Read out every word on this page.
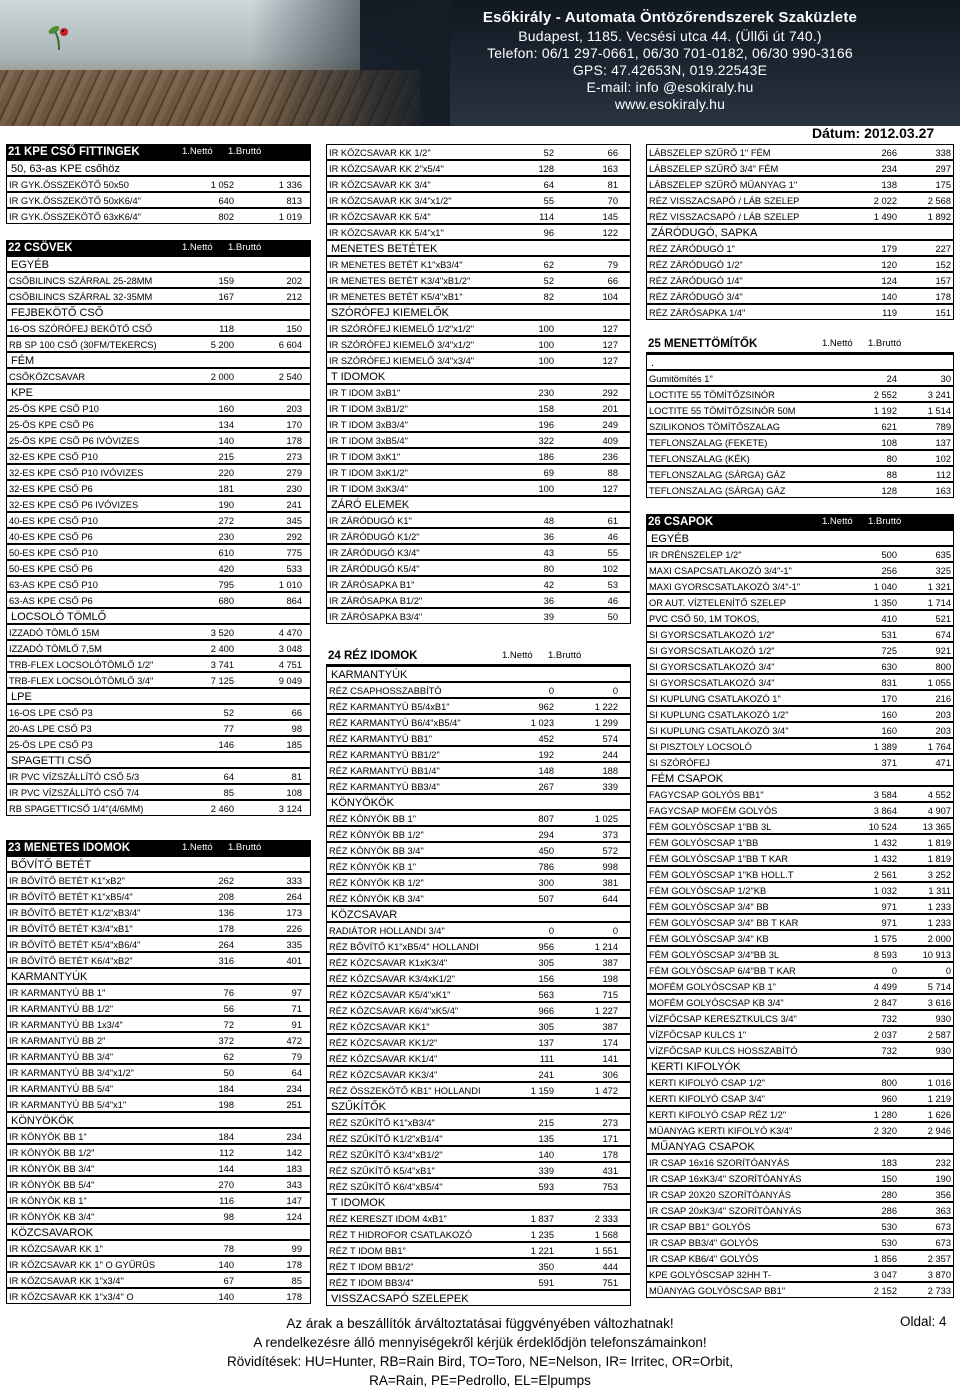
Esőkirály - Automata Öntözőrendszerek Szaküzlete
Budapest, 1185. Vecsési utca 44. (Üllői út 740.)
Telefon: 06/1 297-0661, 06/30 701-0182, 06/30 990-3166
GPS: 47.42653N, 019.22543E
E-mail: info @esokiraly.hu
www.esokiraly.hu
Dátum: 2012.03.27
21 KPE CSŐ FITTINGEK	1.Nettó 1.Bruttó
50, 63-as KPE csőhöz
IR GYK.ÖSSZEKÖTŐ 50x50	1 052	1 336
IR GYK.ÖSSZEKÖTŐ 50xK6/4"	640	813
IR GYK.ÖSSZEKÖTŐ 63xK6/4"	802	1 019
22 CSÖVEK	1.Nettó 1.Bruttó
EGYÉB
CSŐBILINCS SZÁRRAL 25-28MM	159	202
CSŐBILINCS SZÁRRAL 32-35MM	167	212
FEJBEKÖTŐ CSŐ
16-OS SZÓRÓFEJ BEKÖTŐ CSŐ	118	150
RB SP 100 CSŐ (30FM/TEKERCS)	5 200	6 604
FÉM
CSŐKÖZCSAVAR	2 000	2 540
KPE
25-ÖS KPE CSŐ P10	160	203
25-ÖS KPE CSŐ P6	134	170
25-ÖS KPE CSŐ P6 IVÓVIZES	140	178
32-ES KPE CSŐ P10	215	273
32-ES KPE CSŐ P10 IVÓVIZES	220	279
32-ES KPE CSŐ P6	181	230
32-ES KPE CSŐ P6 IVÓVIZES	190	241
40-ES KPE CSŐ P10	272	345
40-ES KPE CSŐ P6	230	292
50-ES KPE CSŐ P10	610	775
50-ES KPE CSŐ P6	420	533
63-AS KPE CSŐ P10	795	1 010
63-AS KPE CSŐ P6	680	864
LOCSOLÓ TÖMLŐ
IZZADÓ TÖMLŐ 15M	3 520	4 470
IZZADÓ TÖMLŐ 7,5M	2 400	3 048
TRB-FLEX LOCSOLÓTÖMLŐ 1/2"	3 741	4 751
TRB-FLEX LOCSOLÓTÖMLŐ 3/4"	7 125	9 049
LPE
16-OS LPE CSŐ P3	52	66
20-AS LPE CSŐ P3	77	98
25-ÖS LPE CSŐ P3	146	185
SPAGETTI CSŐ
IR PVC VÍZSZÁLLÍTÓ CSŐ 5/3	64	81
IR PVC VÍZSZÁLLÍTÓ CSŐ 7/4	85	108
RB SPAGETTICSŐ 1/4"(4/6MM)	2 460	3 124
23 MENETES IDOMOK	1.Nettó 1.Bruttó
BŐVÍTŐ BETÉT
IR BŐVÍTŐ BETÉT K1"xB2"	262	333
IR BŐVÍTŐ BETÉT K1"xB5/4"	208	264
IR BŐVÍTŐ BETÉT K1/2"xB3/4"	136	173
IR BŐVÍTŐ BETÉT K3/4"xB1"	178	226
IR BŐVÍTŐ BETÉT K5/4"xB6/4"	264	335
IR BŐVÍTŐ BETÉT K6/4"xB2"	316	401
KARMANTYÚK
IR KARMANTYÚ BB 1"	76	97
IR KARMANTYÚ BB 1/2"	56	71
IR KARMANTYÚ BB 1x3/4"	72	91
IR KARMANTYÚ BB 2"	372	472
IR KARMANTYÚ BB 3/4"	62	79
IR KARMANTYÚ BB 3/4"x1/2"	50	64
IR KARMANTYÚ BB 5/4"	184	234
IR KARMANTYÚ BB 5/4"x1"	198	251
KÖNYÖKÖK
IR KÖNYÖK BB 1"	184	234
IR KÖNYÖK BB 1/2"	112	142
IR KÖNYÖK BB 3/4"	144	183
IR KÖNYÖK BB 5/4"	270	343
IR KÖNYÖK KB 1"	116	147
IR KÖNYÖK KB 3/4"	98	124
KÖZCSAVAROK
IR KÖZCSAVAR KK 1"	78	99
IR KÖZCSAVAR KK 1" O GYŰRŰS	140	178
IR KÖZCSAVAR KK 1"x3/4"	67	85
IR KÖZCSAVAR KK 1"x3/4" O	140	178
IR KÖZCSAVAR KK 1/2"	52	66
IR KÖZCSAVAR KK 2"x5/4"	128	163
IR KÖZCSAVAR KK 3/4"	64	81
IR KÖZCSAVAR KK 3/4"x1/2"	55	70
IR KÖZCSAVAR KK 5/4"	114	145
IR KÖZCSAVAR KK 5/4"x1"	96	122
MENETES BETÉTEK
IR MENETES BETÉT K1"xB3/4"	62	79
IR MENETES BETÉT K3/4"xB1/2"	52	66
IR MENETES BETÉT K5/4"xB1"	82	104
SZÓRÓFEJ KIEMELŐK
IR SZÓRÓFEJ KIEMELŐ 1/2"x1/2"	100	127
IR SZÓRÓFEJ KIEMELŐ 3/4"x1/2"	100	127
IR SZÓRÓFEJ KIEMELŐ 3/4"x3/4"	100	127
T IDOMOK
IR T IDOM 3xB1"	230	292
IR T IDOM 3xB1/2"	158	201
IR T IDOM 3xB3/4"	196	249
IR T IDOM 3xB5/4"	322	409
IR T IDOM 3xK1"	186	236
IR T IDOM 3xK1/2"	69	88
IR T IDOM 3xK3/4"	100	127
ZÁRÓ ELEMEK
IR ZÁRÓDUGÓ K1"	48	61
IR ZÁRÓDUGÓ K1/2"	36	46
IR ZÁRÓDUGÓ K3/4"	43	55
IR ZÁRÓDUGÓ K5/4"	80	102
IR ZÁRÓSAPKA B1"	42	53
IR ZÁRÓSAPKA B1/2"	36	46
IR ZÁRÓSAPKA B3/4"	39	50
24 RÉZ IDOMOK	1.Nettó 1.Bruttó
KARMANTYÚK
RÉZ CSAPHOSSZABBÍTÓ	0	0
RÉZ KARMANTYÚ B5/4xB1"	962	1 222
RÉZ KARMANTYÚ B6/4"xB5/4"	1 023	1 299
RÉZ KARMANTYÚ BB1"	452	574
RÉZ KARMANTYÚ BB1/2"	192	244
RÉZ KARMANTYÚ BB1/4"	148	188
RÉZ KARMANTYÚ BB3/4"	267	339
KÖNYÖKÖK
RÉZ KÖNYÖK BB 1"	807	1 025
RÉZ KÖNYÖK BB 1/2"	294	373
RÉZ KÖNYÖK BB 3/4"	450	572
RÉZ KÖNYÖK KB 1"	786	998
RÉZ KÖNYÖK KB 1/2"	300	381
RÉZ KÖNYÖK KB 3/4"	507	644
KÖZCSAVAR
RADIÁTOR HOLLANDI 3/4"	0	0
RÉZ BŐVÍTŐ K1"xB5/4" HOLLANDI	956	1 214
RÉZ KÖZCSAVAR K1xK3/4"	305	387
RÉZ KÖZCSAVAR K3/4xK1/2"	156	198
RÉZ KÖZCSAVAR K5/4"xK1"	563	715
RÉZ KÖZCSAVAR K6/4"xK5/4"	966	1 227
RÉZ KÖZCSAVAR KK1"	305	387
RÉZ KÖZCSAVAR KK1/2"	137	174
RÉZ KÖZCSAVAR KK1/4"	111	141
RÉZ KÖZCSAVAR KK3/4"	241	306
RÉZ ÖSSZEKÖTŐ KB1" HOLLANDI	1 159	1 472
SZŰKÍTŐK
RÉZ SZŰKÍTŐ K1"xB3/4"	215	273
RÉZ SZŰKÍTŐ K1/2"xB1/4"	135	171
RÉZ SZŰKÍTŐ K3/4"xB1/2"	140	178
RÉZ SZŰKÍTŐ K5/4"xB1"	339	431
RÉZ SZŰKÍTŐ K6/4"xB5/4"	593	753
T IDOMOK
RÉZ KERESZT IDOM 4xB1"	1 837	2 333
RÉZ T HIDROFOR CSATLAKOZÓ	1 235	1 568
RÉZ T IDOM BB1"	1 221	1 551
RÉZ T IDOM BB1/2"	350	444
RÉZ T IDOM BB3/4"	591	751
VISSZACSAPÓ SZELEPEK
LÁBSZELEP SZŰRŐ 1" FÉM	266	338
LÁBSZELEP SZŰRŐ 3/4" FÉM	234	297
LÁBSZELEP SZŰRŐ MŰANYAG 1"	138	175
RÉZ VISSZACSAPÓ / LÁB SZELEP	2 022	2 568
RÉZ VISSZACSAPÓ / LÁB SZELEP	1 490	1 892
ZÁRÓDUGÓ, SAPKA
RÉZ ZÁRÓDUGÓ 1"	179	227
RÉZ ZÁRÓDUGÓ 1/2"	120	152
RÉZ ZÁRÓDUGÓ 1/4"	124	157
RÉZ ZÁRÓDUGÓ 3/4"	140	178
RÉZ ZÁRÓSAPKA 1/4"	119	151
25 MENETTÖMÍTŐK	1.Nettó 1.Bruttó
.
Gumitömítés 1"	24	30
LOCTITE 55 TÖMÍTŐZSINÓR	2 552	3 241
LOCTITE 55 TÖMÍTŐZSINÓR 50M	1 192	1 514
SZILIKONOS TÖMÍTŐSZALAG	621	789
TEFLONSZALAG (FEKETE)	108	137
TEFLONSZALAG (KÉK)	80	102
TEFLONSZALAG (SÁRGA) GÁZ	88	112
TEFLONSZALAG (SÁRGA) GÁZ	128	163
26 CSAPOK	1.Nettó 1.Bruttó
EGYÉB
IR DRÉNSZELEP 1/2"	500	635
MAXI CSAPCSATLAKOZÓ 3/4"-1"	256	325
MAXI GYORSCSATLAKOZÓ 3/4"-1"	1 040	1 321
OR AUT. VÍZTELENÍTŐ SZELEP	1 350	1 714
PVC CSŐ 50, 1M TOKOS,	410	521
SI GYORSCSATLAKOZÓ 1/2"	531	674
SI GYORSCSATLAKOZÓ 1/2"	725	921
SI GYORSCSATLAKOZÓ 3/4"	630	800
SI GYORSCSATLAKOZÓ 3/4"	831	1 055
SI KUPLUNG CSATLAKOZÓ 1"	170	216
SI KUPLUNG CSATLAKOZÓ 1/2"	160	203
SI KUPLUNG CSATLAKOZÓ 3/4"	160	203
SI PISZTOLY LOCSOLÓ	1 389	1 764
SI SZÓRÓFEJ	371	471
FÉM CSAPOK
FAGYCSAP GOLYÓS BB1"	3 584	4 552
FAGYCSAP MOFÉM GOLYÓS	3 864	4 907
FÉM GOLYÓSCSAP 1"BB 3L	10 524	13 365
FÉM GOLYÓSCSAP 1"BB	1 432	1 819
FÉM GOLYÓSCSAP 1"BB T KAR	1 432	1 819
FÉM GOLYÓSCSAP 1"KB HOLL.T	2 561	3 252
FÉM GOLYÓSCSAP 1/2"KB	1 032	1 311
FÉM GOLYÓSCSAP 3/4" BB	971	1 233
FÉM GOLYÓSCSAP 3/4" BB T KAR	971	1 233
FÉM GOLYÓSCSAP 3/4" KB	1 575	2 000
FÉM GOLYÓSCSAP 3/4"BB 3L	8 593	10 913
FÉM GOLYÓSCSAP 6/4"BB T KAR	0	0
MOFÉM GOLYÓSCSAP KB 1"	4 499	5 714
MOFÉM GOLYÓSCSAP KB 3/4"	2 847	3 616
VÍZFŐCSAP KERESZTKULCS 3/4"	732	930
VÍZFŐCSAP KULCS 1"	2 037	2 587
VÍZFŐCSAP KULCS HOSSZABÍTÓ	732	930
KERTI KIFOLYÓK
KERTI KIFOLYÓ CSAP 1/2"	800	1 016
KERTI KIFOLYÓ CSAP 3/4"	960	1 219
KERTI KIFOLYÓ CSAP RÉZ 1/2"	1 280	1 626
MŰANYAG KERTI KIFOLYÓ K3/4"	2 320	2 946
MŰANYAG CSAPOK
IR CSAP 16x16 SZORÍTÓANYÁS	183	232
IR CSAP 16xK3/4" SZORÍTÓANYÁS	150	190
IR CSAP 20X20 SZORÍTÓANYÁS	280	356
IR CSAP 20xK3/4" SZORÍTÓANYÁS	286	363
IR CSAP BB1" GOLYÓS	530	673
IR CSAP BB3/4" GOLYÓS	530	673
IR CSAP KB6/4" GOLYÓS	1 856	2 357
KPE GOLYÓSCSAP 32HH T-	3 047	3 870
MŰANYAG GOLYÓSCSAP BB1"	2 152	2 733
Az árak a beszállítók árváltoztatásai függvényében változhatnak!
A rendelkezésre álló mennyiségekről kérjük érdeklődjön telefonszámainkon!
Rövidítések: HU=Hunter, RB=Rain Bird, TO=Toro, NE=Nelson, IR= Irritec, OR=Orbit,
RA=Rain, PE=Pedrollo, EL=Elpumps
Oldal: 4
